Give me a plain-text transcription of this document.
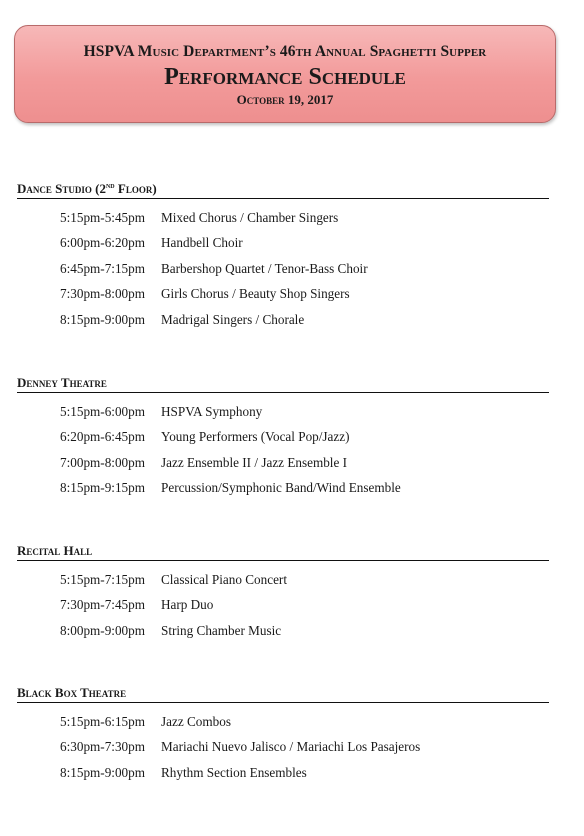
HSPVA Music Department’s 46th Annual Spaghetti Supper
Performance Schedule
October 19, 2017
Dance Studio (2nd Floor)
5:15pm-5:45pm Mixed Chorus / Chamber Singers
6:00pm-6:20pm Handbell Choir
6:45pm-7:15pm Barbershop Quartet / Tenor-Bass Choir
7:30pm-8:00pm Girls Chorus / Beauty Shop Singers
8:15pm-9:00pm Madrigal Singers / Chorale
Denney Theatre
5:15pm-6:00pm HSPVA Symphony
6:20pm-6:45pm Young Performers (Vocal Pop/Jazz)
7:00pm-8:00pm Jazz Ensemble II / Jazz Ensemble I
8:15pm-9:15pm Percussion/Symphonic Band/Wind Ensemble
Recital Hall
5:15pm-7:15pm Classical Piano Concert
7:30pm-7:45pm Harp Duo
8:00pm-9:00pm String Chamber Music
Black Box Theatre
5:15pm-6:15pm Jazz Combos
6:30pm-7:30pm Mariachi Nuevo Jalisco / Mariachi Los Pasajeros
8:15pm-9:00pm Rhythm Section Ensembles
